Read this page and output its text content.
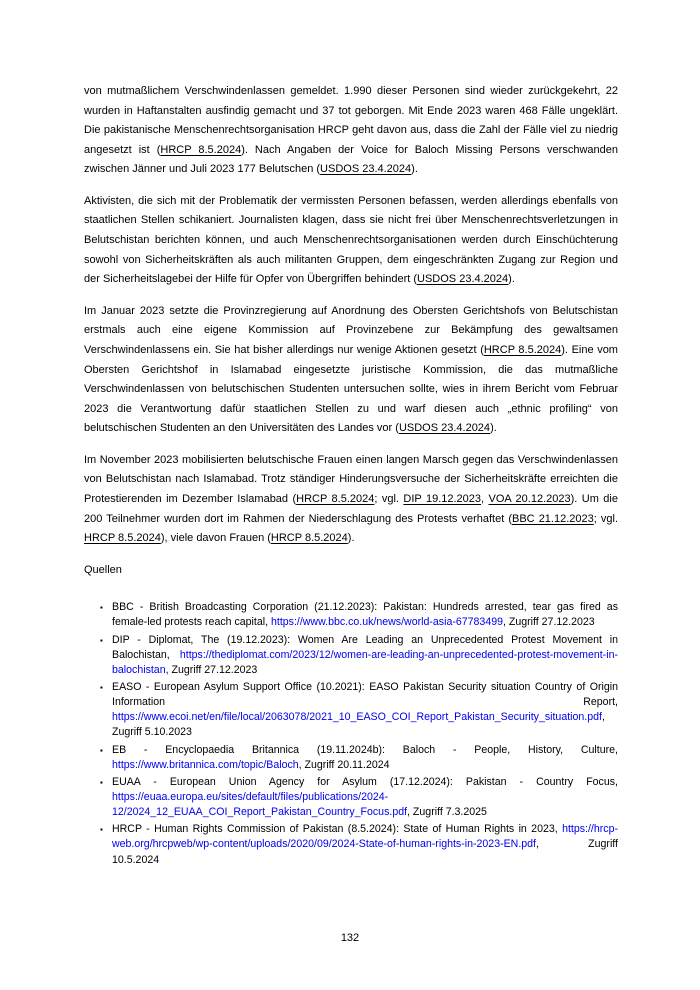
von mutmaßlichem Verschwindenlassen gemeldet. 1.990 dieser Personen sind wieder zurückgekehrt, 22 wurden in Haftanstalten ausfindig gemacht und 37 tot geborgen. Mit Ende 2023 waren 468 Fälle ungeklärt. Die pakistanische Menschenrechtsorganisation HRCP geht davon aus, dass die Zahl der Fälle viel zu niedrig angesetzt ist (HRCP 8.5.2024). Nach Angaben der Voice for Baloch Missing Persons verschwanden zwischen Jänner und Juli 2023 177 Belutschen (USDOS 23.4.2024).

Aktivisten, die sich mit der Problematik der vermissten Personen befassen, werden allerdings ebenfalls von staatlichen Stellen schikaniert. Journalisten klagen, dass sie nicht frei über Menschenrechtsverletzungen in Belutschistan berichten können, und auch Menschenrechtsorganisationen werden durch Einschüchterung sowohl von Sicherheitskräften als auch militanten Gruppen, dem eingeschränkten Zugang zur Region und der Sicherheitslagebei der Hilfe für Opfer von Übergriffen behindert (USDOS 23.4.2024).

Im Januar 2023 setzte die Provinzregierung auf Anordnung des Obersten Gerichtshofs von Belutschistan erstmals auch eine eigene Kommission auf Provinzebene zur Bekämpfung des gewaltsamen Verschwindenlassens ein. Sie hat bisher allerdings nur wenige Aktionen gesetzt (HRCP 8.5.2024). Eine vom Obersten Gerichtshof in Islamabad eingesetzte juristische Kommission, die das mutmaßliche Verschwindenlassen von belutschischen Studenten untersuchen sollte, wies in ihrem Bericht vom Februar 2023 die Verantwortung dafür staatlichen Stellen zu und warf diesen auch „ethnic profiling“ von belutschischen Studenten an den Universitäten des Landes vor (USDOS 23.4.2024).

Im November 2023 mobilisierten belutschische Frauen einen langen Marsch gegen das Verschwindenlassen von Belutschistan nach Islamabad. Trotz ständiger Hinderungsversuche der Sicherheitskräfte erreichten die Protestierenden im Dezember Islamabad (HRCP 8.5.2024; vgl. DIP 19.12.2023, VOA 20.12.2023). Um die 200 Teilnehmer wurden dort im Rahmen der Niederschlagung des Protests verhaftet (BBC 21.12.2023; vgl. HRCP 8.5.2024), viele davon Frauen (HRCP 8.5.2024).

Quellen
▪ BBC - British Broadcasting Corporation (21.12.2023): Pakistan: Hundreds arrested, tear gas fired as female-led protests reach capital, https://www.bbc.co.uk/news/world-asia-67783499, Zugriff 27.12.2023
▪ DIP - Diplomat, The (19.12.2023): Women Are Leading an Unprecedented Protest Movement in Balochistan, https://thediplomat.com/2023/12/women-are-leading-an-unprecedented-protest-movement-in-balochistan, Zugriff 27.12.2023
▪ EASO - European Asylum Support Office (10.2021): EASO Pakistan Security situation Country of Origin Information Report, https://www.ecoi.net/en/file/local/2063078/2021_10_EASO_COI_Report_Pakistan_Security_situation.pdf, Zugriff 5.10.2023
▪ EB - Encyclopaedia Britannica (19.11.2024b): Baloch - People, History, Culture, https://www.britannica.com/topic/Baloch, Zugriff 20.11.2024
▪ EUAA - European Union Agency for Asylum (17.12.2024): Pakistan - Country Focus, https://euaa.europa.eu/sites/default/files/publications/2024-12/2024_12_EUAA_COI_Report_Pakistan_Country_Focus.pdf, Zugriff 7.3.2025
▪ HRCP - Human Rights Commission of Pakistan (8.5.2024): State of Human Rights in 2023, https://hrcp-web.org/hrcpweb/wp-content/uploads/2020/09/2024-State-of-human-rights-in-2023-EN.pdf, Zugriff 10.5.2024
132
